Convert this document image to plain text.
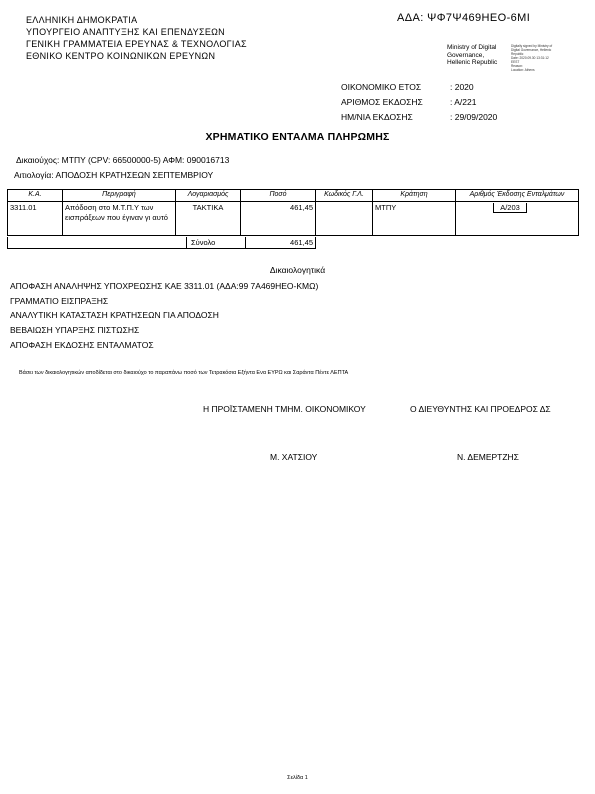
ΕΛΛΗΝΙΚΗ ΔΗΜΟΚΡΑΤΙΑ
ΥΠΟΥΡΓΕΙΟ ΑΝΑΠΤΥΞΗΣ ΚΑΙ ΕΠΕΝΔΥΣΕΩΝ
ΓΕΝΙΚΗ ΓΡΑΜΜΑΤΕΙΑ ΕΡΕΥΝΑΣ & ΤΕΧΝΟΛΟΓΙΑΣ
ΕΘΝΙΚΟ ΚΕΝΤΡΟ ΚΟΙΝΩΝΙΚΩΝ ΕΡΕΥΝΩΝ
ΑΔΑ: ΨΦ7Ψ469ΗΕΟ-6ΜΙ
Ministry of Digital
Governance,
Hellenic Republic
Digitally signed by Ministry of
Digital Governance, Hellenic
Republic
Date: 2020.09.30 13:31:12
EEST
Reason:
Location: Athens
ΟΙΚΟΝΟΜΙΚΟ ΕΤΟΣ	: 2020
ΑΡΙΘΜΟΣ ΕΚΔΟΣΗΣ	: Α/221
ΗΜ/ΝΙΑ ΕΚΔΟΣΗΣ	: 29/09/2020
ΧΡΗΜΑΤΙΚΟ ΕΝΤΑΛΜΑ ΠΛΗΡΩΜΗΣ
Δικαιούχος: ΜΤΠΥ (CPV: 66500000-5) ΑΦΜ: 090016713
Αιτιολογία: ΑΠΟΔΟΣΗ ΚΡΑΤΗΣΕΩΝ ΣΕΠΤΕΜΒΡΙΟΥ
Κ.Α.	Περιγραφή	Λογαριασμός	Ποσό	Κωδικός Γ.Λ.	Κράτηση	Αριθμός Έκδοσης Ενταλμάτων
3311.01	Απόδοση στο Μ.Τ.Π.Υ των εισπράξεων που έγιναν γι αυτό	ΤΑΚΤΙΚΑ	461,45		ΜΤΠΥ	Α/203
Σύνολο	461,45
Δικαιολογητικά
ΑΠΟΦΑΣΗ ΑΝΑΛΗΨΗΣ ΥΠΟΧΡΕΩΣΗΣ ΚΑΕ 3311.01 (ΑΔΑ:99 7Α469ΗΕΟ-ΚΜΩ)
ΓΡΑΜΜΑΤΙΟ ΕΙΣΠΡΑΞΗΣ
ΑΝΑΛΥΤΙΚΗ ΚΑΤΑΣΤΑΣΗ ΚΡΑΤΗΣΕΩΝ ΓΙΑ ΑΠΟΔΟΣΗ
ΒΕΒΑΙΩΣΗ ΥΠΑΡΞΗΣ ΠΙΣΤΩΣΗΣ
ΑΠΟΦΑΣΗ ΕΚΔΟΣΗΣ ΕΝΤΑΛΜΑΤΟΣ
Βάσει των δικαιολογητικών αποδίδεται στο δικαιούχο το παραπάνω ποσό των Τετρακόσια Εξήντα Ενα ΕΥΡΩ και Σαράντα Πέντε ΛΕΠΤΑ
Η ΠΡΟΪΣΤΑΜΕΝΗ ΤΜΗΜ. ΟΙΚΟΝΟΜΙΚΟΥ	Ο ΔΙΕΥΘΥΝΤΗΣ ΚΑΙ ΠΡΟΕΔΡΟΣ ΔΣ
Μ. ΧΑΤΣΙΟΥ	Ν. ΔΕΜΕΡΤΖΗΣ
Σελίδα 1
